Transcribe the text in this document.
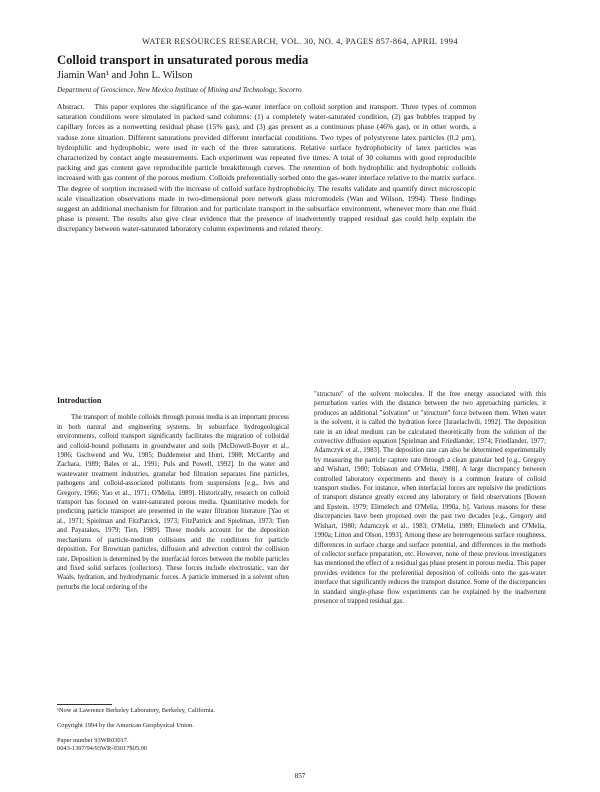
WATER RESOURCES RESEARCH, VOL. 30, NO. 4, PAGES 857-864, APRIL 1994
Colloid transport in unsaturated porous media
Jiamin Wan¹ and John L. Wilson
Department of Geoscience, New Mexico Institute of Mining and Technology, Socorro
Abstract. This paper explores the significance of the gas-water interface on colloid sorption and transport. Three types of common saturation conditions were simulated in packed sand columns: (1) a completely water-saturated condition, (2) gas bubbles trapped by capillary forces as a nonwetting residual phase (15% gas), and (3) gas present as a continuous phase (46% gas), or in other words, a vadose zone situation. Different saturations provided different interfacial conditions. Two types of polystyrene latex particles (0.2 μm), hydrophilic and hydrophobic, were used in each of the three saturations. Relative surface hydrophobicity of latex particles was characterized by contact angle measurements. Each experiment was repeated five times. A total of 30 columns with good reproducible packing and gas content gave reproducible particle breakthrough curves. The retention of both hydrophilic and hydrophobic colloids increased with gas content of the porous medium. Colloids preferentially sorbed onto the gas-water interface relative to the matrix surface. The degree of sorption increased with the increase of colloid surface hydrophobicity. The results validate and quantify direct microscopic scale visualization observations made in two-dimensional pore network glass micromodels (Wan and Wilson, 1994). These findings suggest an additional mechanism for filtration and for particulate transport in the subsurface environment, whenever more than one fluid phase is present. The results also give clear evidence that the presence of inadvertently trapped residual gas could help explain the discrepancy between water-saturated laboratory column experiments and related theory.
Introduction

The transport of mobile colloids through porous media is an important process in both natural and engineering systems. In subsurface hydrogeological environments, colloid transport significantly facilitates the migration of colloidal and colloid-bound pollutants in groundwater and soils [McDowell-Boyer et al., 1986; Gschwend and Wu, 1985; Buddemeier and Hunt, 1988; McCarthy and Zachara, 1989; Bales et al., 1991; Puls and Powell, 1992]. In the water and wastewater treatment industries, granular bed filtration separates fine particles, pathogens and colloid-associated pollutants from suspensions [e.g., Ives and Gregory, 1966; Yao et al., 1971; O'Melia, 1989]. Historically, research on colloid transport has focused on water-saturated porous media. Quantitative models for predicting particle transport are presented in the water filtration literature [Yao et al., 1971; Spielman and FitzPatrick, 1973; FitzPatrick and Spielman, 1973; Tien and Payatakes, 1979; Tien, 1989]. These models account for the deposition mechanisms of particle-medium collisions and the conditions for particle deposition. For Brownian particles, diffusion and advection control the collision rate. Deposition is determined by the interfacial forces between the mobile particles and fixed solid surfaces (collectors). These forces include electrostatic, van der Waals, hydration, and hydrodynamic forces. A particle immersed in a solvent often perturbs the local ordering of the

"structure" of the solvent molecules. If the free energy associated with this perturbation varies with the distance between the two approaching particles, it produces an additional "solvation" or "structure" force between them. When water is the solvent, it is called the hydration force [Israelachvili, 1992]. The deposition rate in an ideal medium can be calculated theoretically from the solution of the convective diffusion equation [Spielman and Friedlander, 1974; Friedlander, 1977; Adamczyk et al., 1983]. The deposition rate can also be determined experimentally by measuring the particle capture rate through a clean granular bed [e.g., Gregory and Wishart, 1980; Tobiason and O'Melia, 1988]. A large discrepancy between controlled laboratory experiments and theory is a common feature of colloid transport studies. For instance, when interfacial forces are repulsive the predictions of transport distance greatly exceed any laboratory or field observations [Bowen and Epstein, 1979; Elimelech and O'Melia, 1990a, b]. Various reasons for these discrepancies have been proposed over the past two decades [e.g., Gregory and Wishart, 1980; Adamczyk et al., 1983; O'Melia, 1989; Elimelech and O'Melia, 1990a; Litton and Olson, 1993]. Among these are heterogeneous surface roughness, differences in surface charge and surface potential, and differences in the methods of collector surface preparation, etc. However, none of these previous investigators has mentioned the effect of a residual gas phase present in porous media. This paper provides evidence for the preferential deposition of colloids onto the gas-water interface that significantly reduces the transport distance. Some of the discrepancies in standard single-phase flow experiments can be explained by the inadvertent presence of trapped residual gas.

¹Now at Lawrence Berkeley Laboratory, Berkeley, California.

Copyright 1994 by the American Geophysical Union.

Paper number 93WR03017.

0043-1397/94/93WR-03017$05.00

857
